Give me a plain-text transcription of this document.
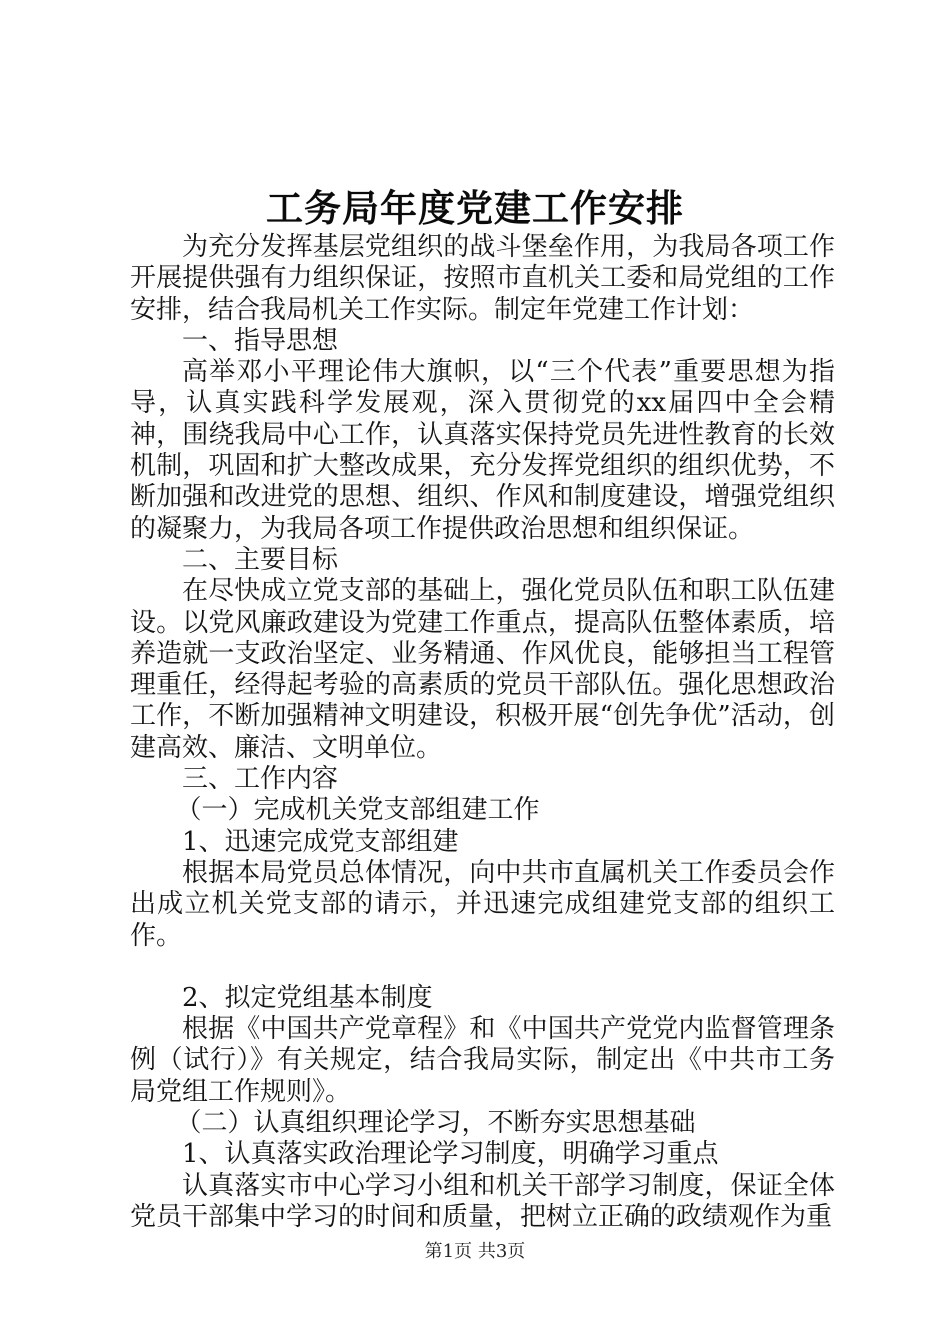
工务局年度党建工作安排

为充分发挥基层党组织的战斗堡垒作用，为我局各项工作开展提供强有力组织保证，按照市直机关工委和局党组的工作安排，结合我局机关工作实际。制定年党建工作计划：

一、指导思想

高举邓小平理论伟大旗帜，以“三个代表”重要思想为指导，认真实践科学发展观，深入贯彻党的xx届四中全会精神，围绕我局中心工作，认真落实保持党员先进性教育的长效机制，巩固和扩大整改成果，充分发挥党组织的组织优势，不断加强和改进党的思想、组织、作风和制度建设，增强党组织的凝聚力，为我局各项工作提供政治思想和组织保证。

二、主要目标

在尽快成立党支部的基础上，强化党员队伍和职工队伍建设。以党风廉政建设为党建工作重点，提高队伍整体素质，培养造就一支政治坚定、业务精通、作风优良，能够担当工程管理重任，经得起考验的高素质的党员干部队伍。强化思想政治工作，不断加强精神文明建设，积极开展“创先争优”活动，创建高效、廉洁、文明单位。

三、工作内容

（一）完成机关党支部组建工作

1、迅速完成党支部组建

根据本局党员总体情况，向中共市直属机关工作委员会作出成立机关党支部的请示，并迅速完成组建党支部的组织工作。

2、拟定党组基本制度

根据《中国共产党章程》和《中国共产党党内监督管理条例（试行）》有关规定，结合我局实际，制定出《中共市工务局党组工作规则》。

（二）认真组织理论学习，不断夯实思想基础

1、认真落实政治理论学习制度，明确学习重点

认真落实市中心学习小组和机关干部学习制度，保证全体党员干部集中学习的时间和质量，把树立正确的政绩观作为重

第1页 共3页
